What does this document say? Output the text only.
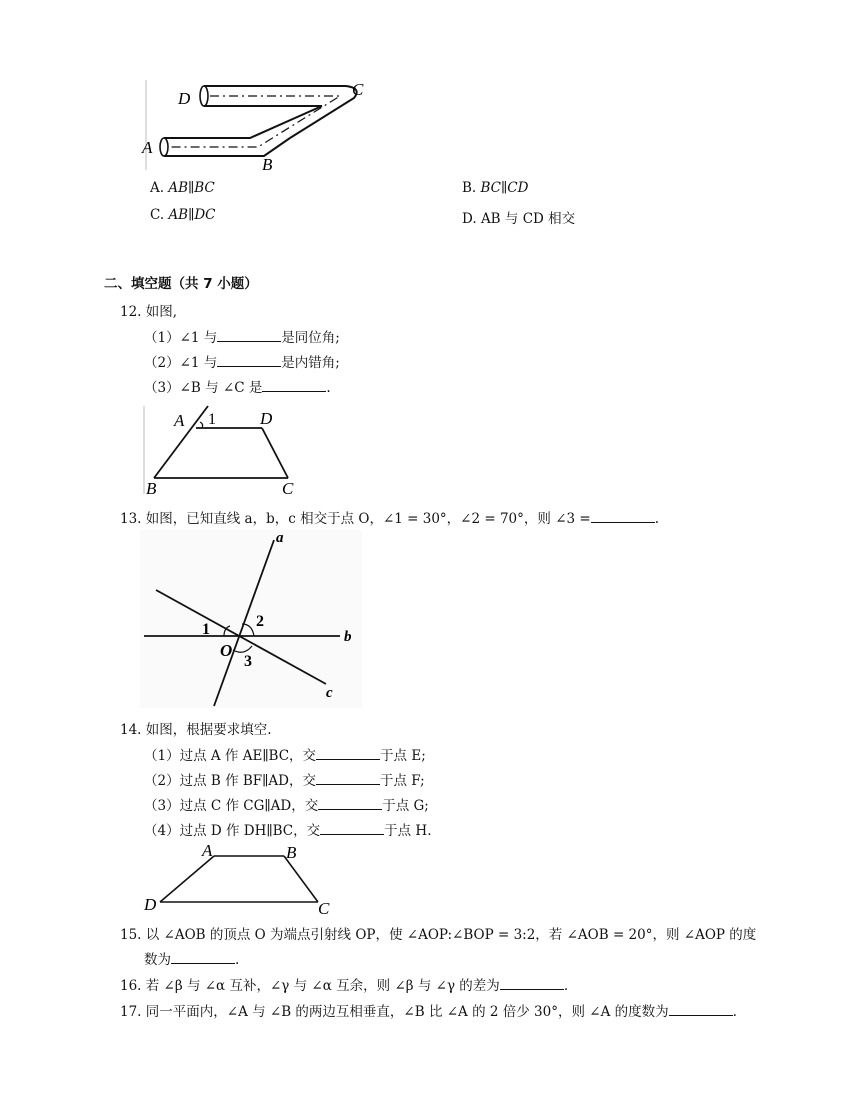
D	C
A
B
A. AB∥BC	B. BC∥CD
C. AB∥DC	D. AB 与 CD 相交
二、填空题（共 7 小题）
12. 如图,
（1）∠1 与	是同位角;
（2）∠1 与	是内错角;
（3）∠B 与 ∠C 是	.
A 1	D
B	C
13. 如图，已知直线 a，b，c 相交于点 O，∠1 = 30°，∠2 = 70°，则 ∠3 =	.
a
b
c
O
1	2
3
14. 如图，根据要求填空.
（1）过点 A 作 AE∥BC，交	于点 E;
（2）过点 B 作 BF∥AD，交	于点 F;
（3）过点 C 作 CG∥AD，交	于点 G;
（4）过点 D 作 DH∥BC，交	于点 H.
A	B
D	C
15. 以 ∠AOB 的顶点 O 为端点引射线 OP，使 ∠AOP:∠BOP = 3:2，若 ∠AOB = 20°，则 ∠AOP 的度
数为	.
16. 若 ∠β 与 ∠α 互补，∠γ 与 ∠α 互余，则 ∠β 与 ∠γ 的差为	.
17. 同一平面内，∠A 与 ∠B 的两边互相垂直，∠B 比 ∠A 的 2 倍少 30°，则 ∠A 的度数为	.
